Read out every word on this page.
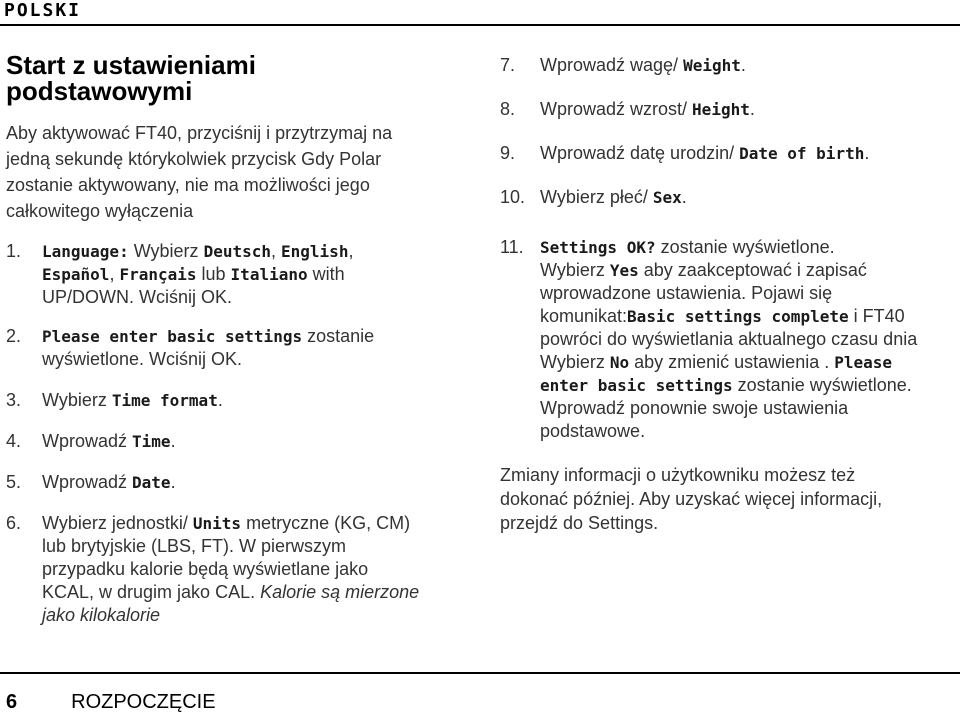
POLSKI
Start z ustawieniami
podstawowymi
Aby aktywować FT40, przyciśnij i przytrzymaj na
jedną sekundę którykolwiek przycisk Gdy Polar
zostanie aktywowany, nie ma możliwości jego
całkowitego wyłączenia
1. Language: Wybierz Deutsch, English,
Español, Français lub Italiano with
UP/DOWN. Wciśnij OK.
2. Please enter basic settings zostanie
wyświetlone. Wciśnij OK.
3. Wybierz Time format.
4. Wprowadź Time.
5. Wprowadź Date.
6. Wybierz jednostki/ Units metryczne (KG, CM)
lub brytyjskie (LBS, FT). W pierwszym
przypadku kalorie będą wyświetlane jako
KCAL, w drugim jako CAL. Kalorie są mierzone
jako kilokalorie
7. Wprowadź wagę/ Weight.
8. Wprowadź wzrost/ Height.
9. Wprowadź datę urodzin/ Date of birth.
10. Wybierz płeć/ Sex.
11. Settings OK? zostanie wyświetlone.
Wybierz Yes aby zaakceptować i zapisać
wprowadzone ustawienia. Pojawi się
komunikat:Basic settings complete i FT40
powróci do wyświetlania aktualnego czasu dnia
Wybierz No aby zmienić ustawienia . Please
enter basic settings zostanie wyświetlone.
Wprowadź ponownie swoje ustawienia
podstawowe.
Zmiany informacji o użytkowniku możesz też
dokonać później. Aby uzyskać więcej informacji,
przejdź do Settings.
6	ROZPOCZĘCIE
